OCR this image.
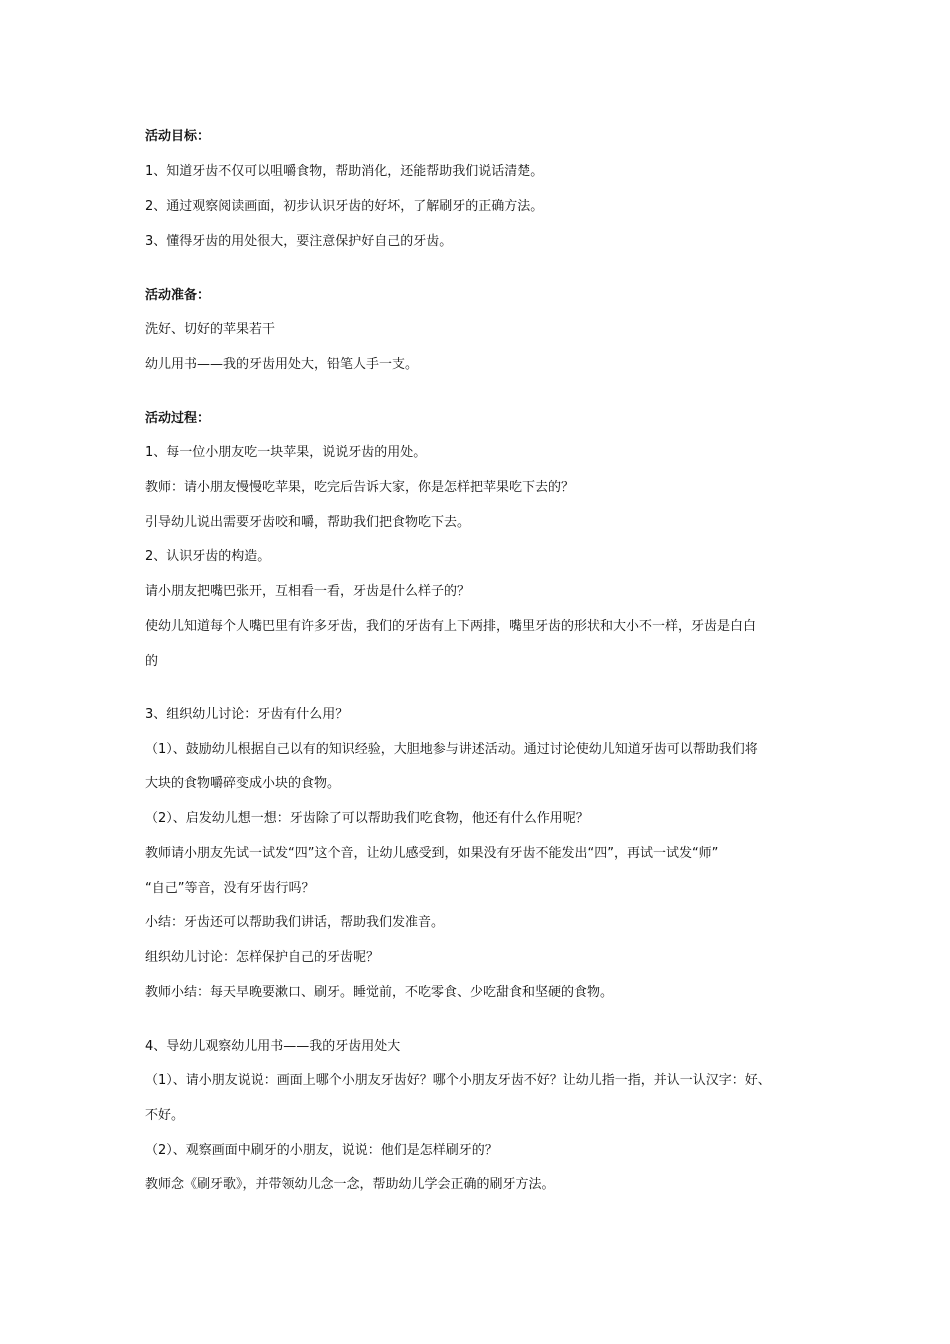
活动目标：
1、知道牙齿不仅可以咀嚼食物，帮助消化，还能帮助我们说话清楚。
2、通过观察阅读画面，初步认识牙齿的好坏，了解刷牙的正确方法。
3、懂得牙齿的用处很大，要注意保护好自己的牙齿。
活动准备：
洗好、切好的苹果若干
幼儿用书——我的牙齿用处大，铅笔人手一支。
活动过程：
1、每一位小朋友吃一块苹果，说说牙齿的用处。
教师：请小朋友慢慢吃苹果，吃完后告诉大家，你是怎样把苹果吃下去的？
引导幼儿说出需要牙齿咬和嚼，帮助我们把食物吃下去。
2、认识牙齿的构造。
请小朋友把嘴巴张开，互相看一看，牙齿是什么样子的？
使幼儿知道每个人嘴巴里有许多牙齿，我们的牙齿有上下两排，嘴里牙齿的形状和大小不一样，牙齿是白白
的
3、组织幼儿讨论：牙齿有什么用？
（1）、鼓励幼儿根据自己以有的知识经验，大胆地参与讲述活动。通过讨论使幼儿知道牙齿可以帮助我们将
大块的食物嚼碎变成小块的食物。
（2）、启发幼儿想一想：牙齿除了可以帮助我们吃食物，他还有什么作用呢？
教师请小朋友先试一试发“四”这个音，让幼儿感受到，如果没有牙齿不能发出“四”，再试一试发“师”
“自己”等音，没有牙齿行吗？
小结：牙齿还可以帮助我们讲话，帮助我们发准音。
组织幼儿讨论：怎样保护自己的牙齿呢？
教师小结：每天早晚要漱口、刷牙。睡觉前，不吃零食、少吃甜食和坚硬的食物。
4、导幼儿观察幼儿用书——我的牙齿用处大
（1）、请小朋友说说：画面上哪个小朋友牙齿好？哪个小朋友牙齿不好？让幼儿指一指，并认一认汉字：好、
不好。
（2）、观察画面中刷牙的小朋友，说说：他们是怎样刷牙的？
教师念《刷牙歌》，并带领幼儿念一念，帮助幼儿学会正确的刷牙方法。
